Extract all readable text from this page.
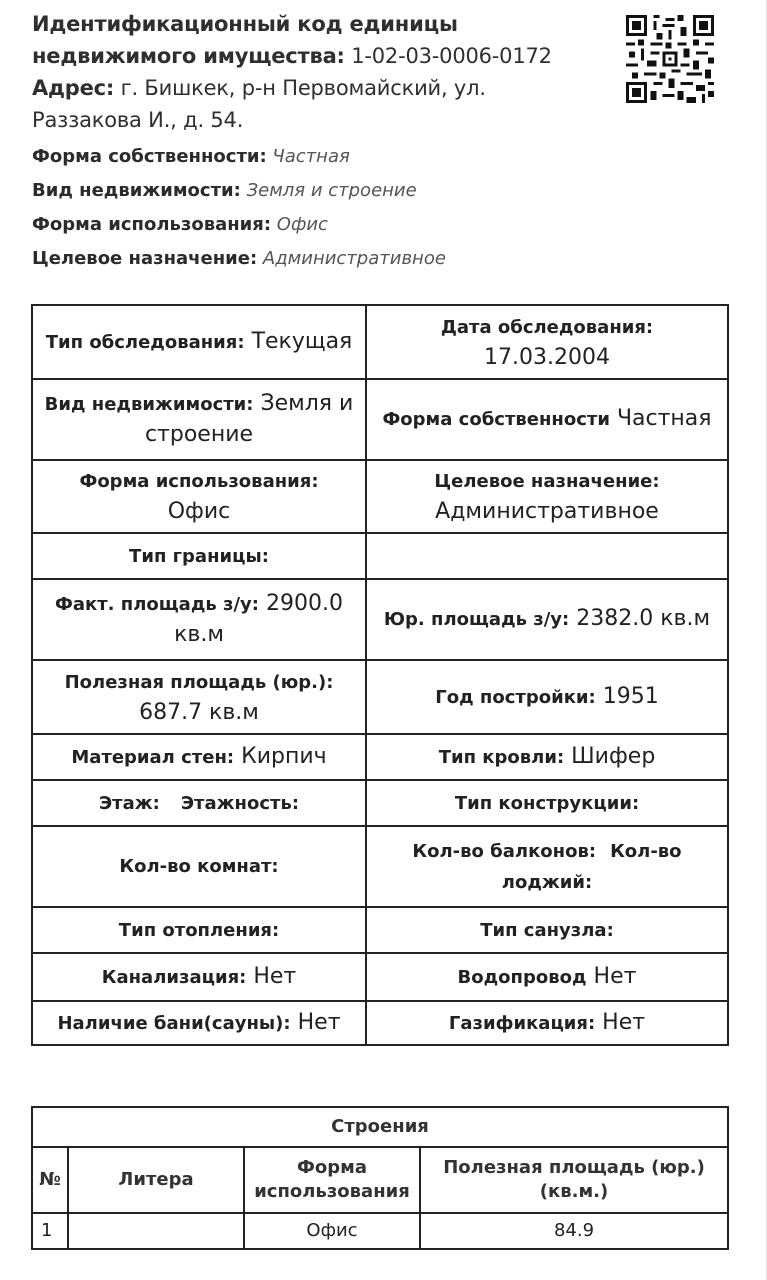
Идентификационный код единицы недвижимого имущества: 1-02-03-0006-0172
Адрес: г. Бишкек, р-н Первомайский, ул. Раззакова И., д. 54.
Форма собственности: Частная
Вид недвижимости: Земля и строение
Форма использования: Офис
Целевое назначение: Административное
Тип обследования: Текущая	Дата обследования:
17.03.2004
Вид недвижимости: Земля и строение	Форма собственности Частная
Форма использования:
Офис	Целевое назначение:
Административное
Тип границы:	
Факт. площадь з/у: 2900.0 кв.м	Юр. площадь з/у: 2382.0 кв.м
Полезная площадь (юр.):
687.7 кв.м	Год постройки: 1951
Материал стен: Кирпич	Тип кровли: Шифер
Этаж: Этажность:	Тип конструкции:
Кол-во комнат:	Кол-во балконов: Кол-во лоджий:
Тип отопления:	Тип санузла:
Канализация: Нет	Водопровод Нет
Наличие бани(сауны): Нет	Газификация: Нет
Строения			
№	Литера	Форма использования	Полезная площадь (юр.) (кв.м.)
1		Офис	84.9
